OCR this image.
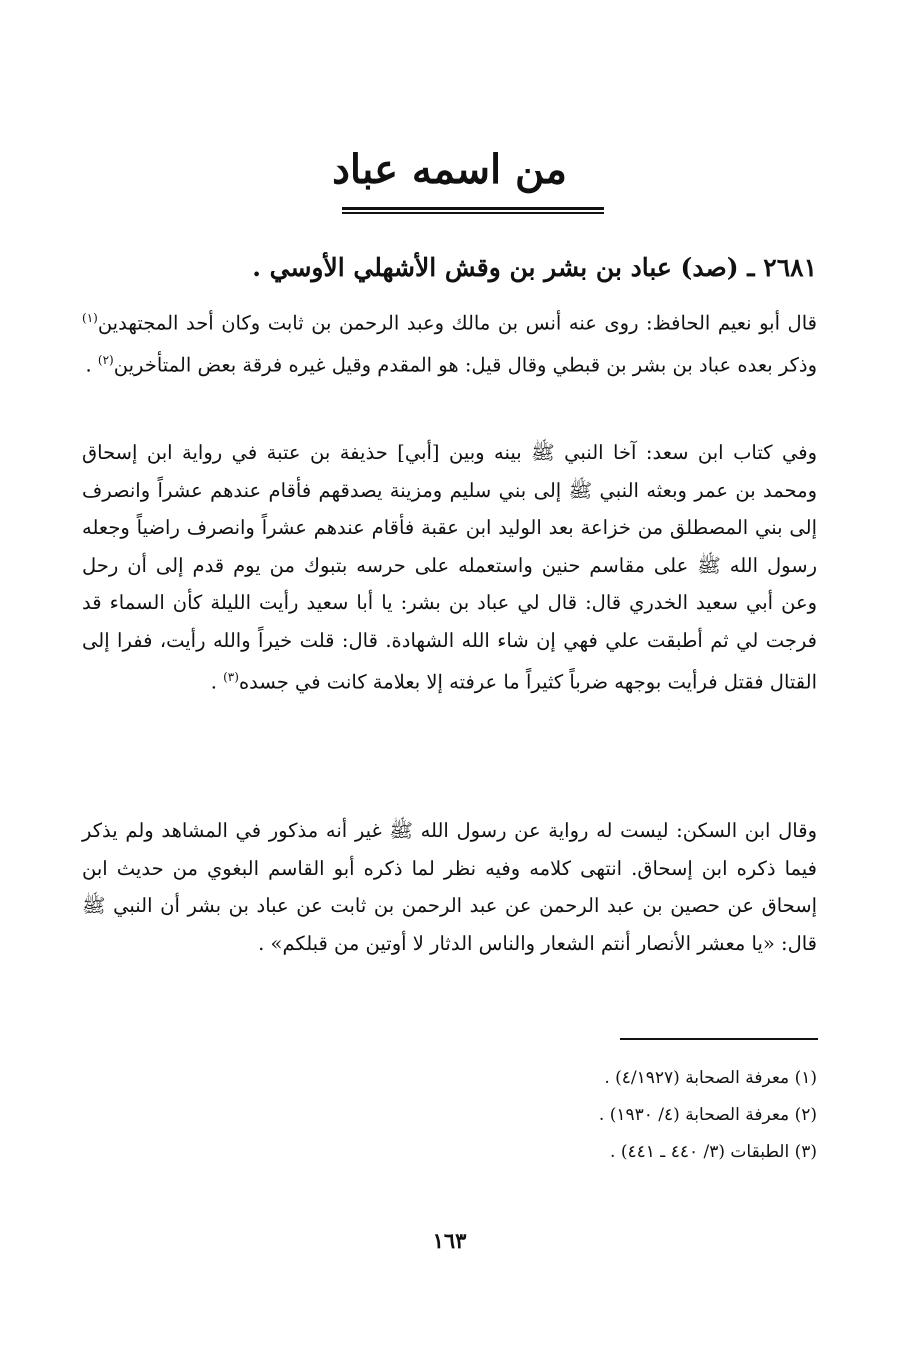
من اسمه عباد
٢٦٨١ ـ (صد) عباد بن بشر بن وقش الأشهلي الأوسي .

قال أبو نعيم الحافظ: روى عنه أنس بن مالك وعبد الرحمن بن ثابت وكان أحد المجتهدين$^{(١)}$ وذكر بعده عباد بن بشر بن قبطي وقال قيل: هو المقدم وقيل غيره فرقة بعض المتأخرين$^{(٢)}$ .

وفي كتاب ابن سعد: آخا النبي ﷺ بينه وبين [أبي] حذيفة بن عتبة في رواية ابن إسحاق ومحمد بن عمر وبعثه النبي ﷺ إلى بني سليم ومزينة يصدقهم فأقام عندهم عشراً وانصرف إلى بني المصطلق من خزاعة بعد الوليد ابن عقبة فأقام عندهم عشراً وانصرف راضياً وجعله رسول الله ﷺ على مقاسم حنين واستعمله على حرسه بتبوك من يوم قدم إلى أن رحل وعن أبي سعيد الخدري قال: قال لي عباد بن بشر: يا أبا سعيد رأيت الليلة كأن السماء قد فرجت لي ثم أطبقت علي فهي إن شاء الله الشهادة. قال: قلت خيراً والله رأيت، ففرا إلى القتال فقتل فرأيت بوجهه ضرباً كثيراً ما عرفته إلا بعلامة كانت في جسده$^{(٣)}$ .

وقال ابن السكن: ليست له رواية عن رسول الله ﷺ غير أنه مذكور في المشاهد ولم يذكر فيما ذكره ابن إسحاق. انتهى كلامه وفيه نظر لما ذكره أبو القاسم البغوي من حديث ابن إسحاق عن حصين بن عبد الرحمن عن عبد الرحمن بن ثابت عن عباد بن بشر أن النبي ﷺ قال: «يا معشر الأنصار أنتم الشعار والناس الدثار لا أوتين من قبلكم» .

(١) معرفة الصحابة (٤/١٩٢٧) .

(٢) معرفة الصحابة (٤/ ١٩٣٠) .

(٣) الطبقات (٣/ ٤٤٠ ـ ٤٤١) .

١٦٣
